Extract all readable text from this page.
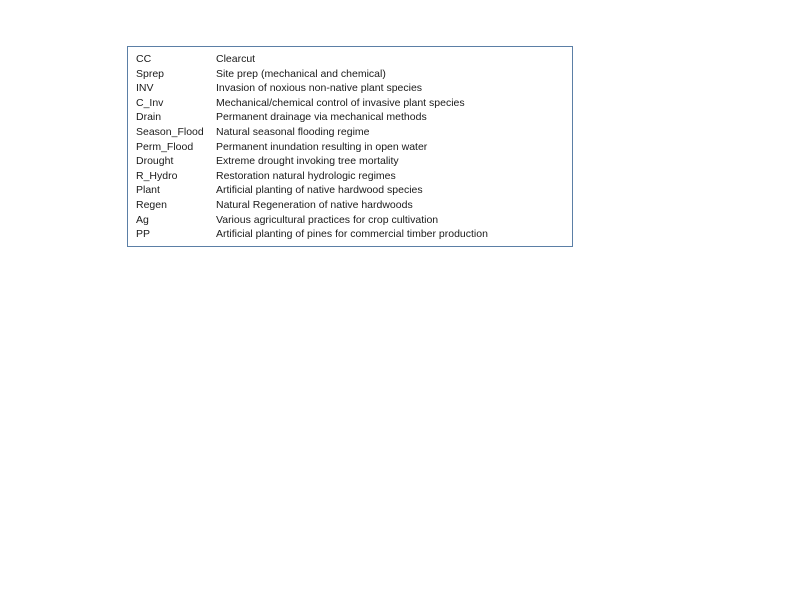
CC	Clearcut
Sprep	Site prep (mechanical and chemical)
INV	Invasion of noxious non-native plant species
C_Inv	Mechanical/chemical control of invasive plant species
Drain	Permanent drainage via mechanical methods
Season_Flood	Natural seasonal flooding regime
Perm_Flood	Permanent inundation resulting in open water
Drought	Extreme drought invoking tree mortality
R_Hydro	Restoration natural hydrologic regimes
Plant	Artificial planting of native hardwood species
Regen	Natural Regeneration of native hardwoods
Ag	Various agricultural practices for crop cultivation
PP	Artificial planting of pines for commercial timber production
